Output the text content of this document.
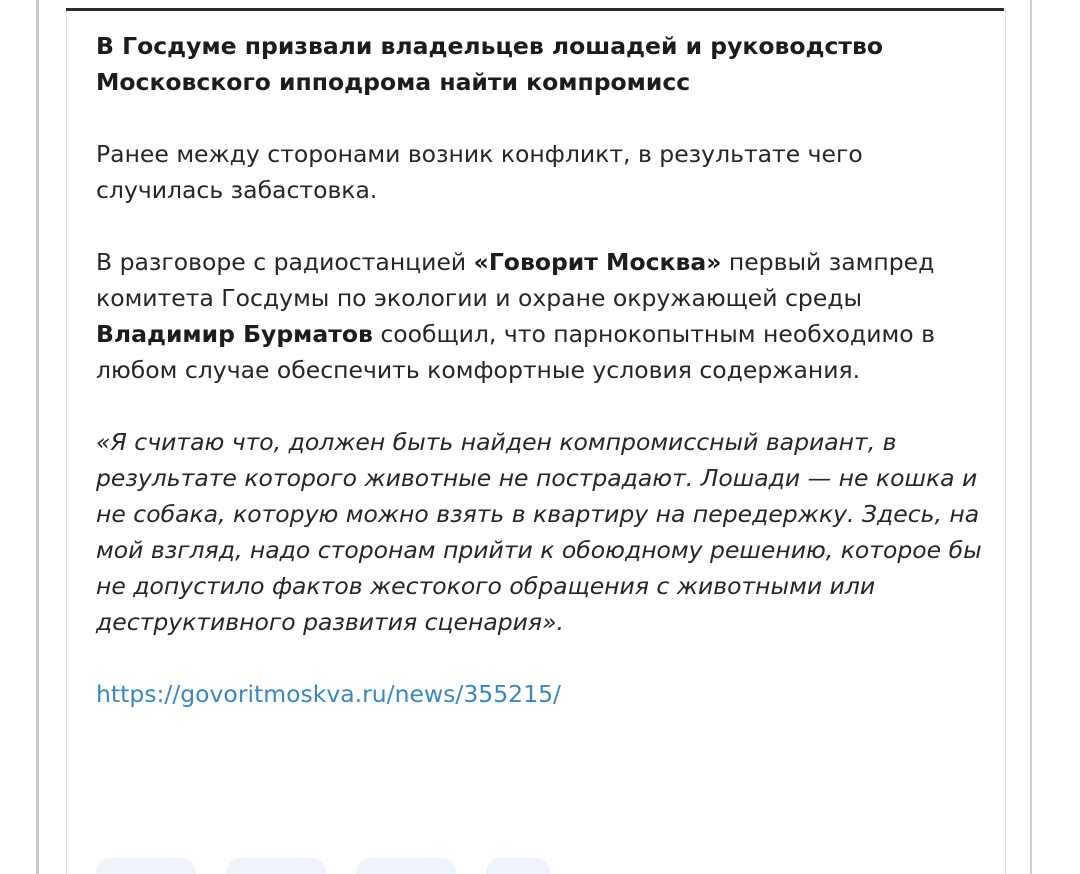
В Госдуме призвали владельцев лошадей и руководство Московского ипподрома найти компромисс

Ранее между сторонами возник конфликт, в результате чего случилась забастовка.

В разговоре с радиостанцией «Говорит Москва» первый зампред комитета Госдумы по экологии и охране окружающей среды Владимир Бурматов сообщил, что парнокопытным необходимо в любом случае обеспечить комфортные условия содержания.

«Я считаю что, должен быть найден компромиссный вариант, в результате которого животные не пострадают. Лошади — не кошка и не собака, которую можно взять в квартиру на передержку. Здесь, на мой взгляд, надо сторонам прийти к обоюдному решению, которое бы не допустило фактов жестокого обращения с животными или деструктивного развития сценария».

https://govoritmoskva.ru/news/355215/
